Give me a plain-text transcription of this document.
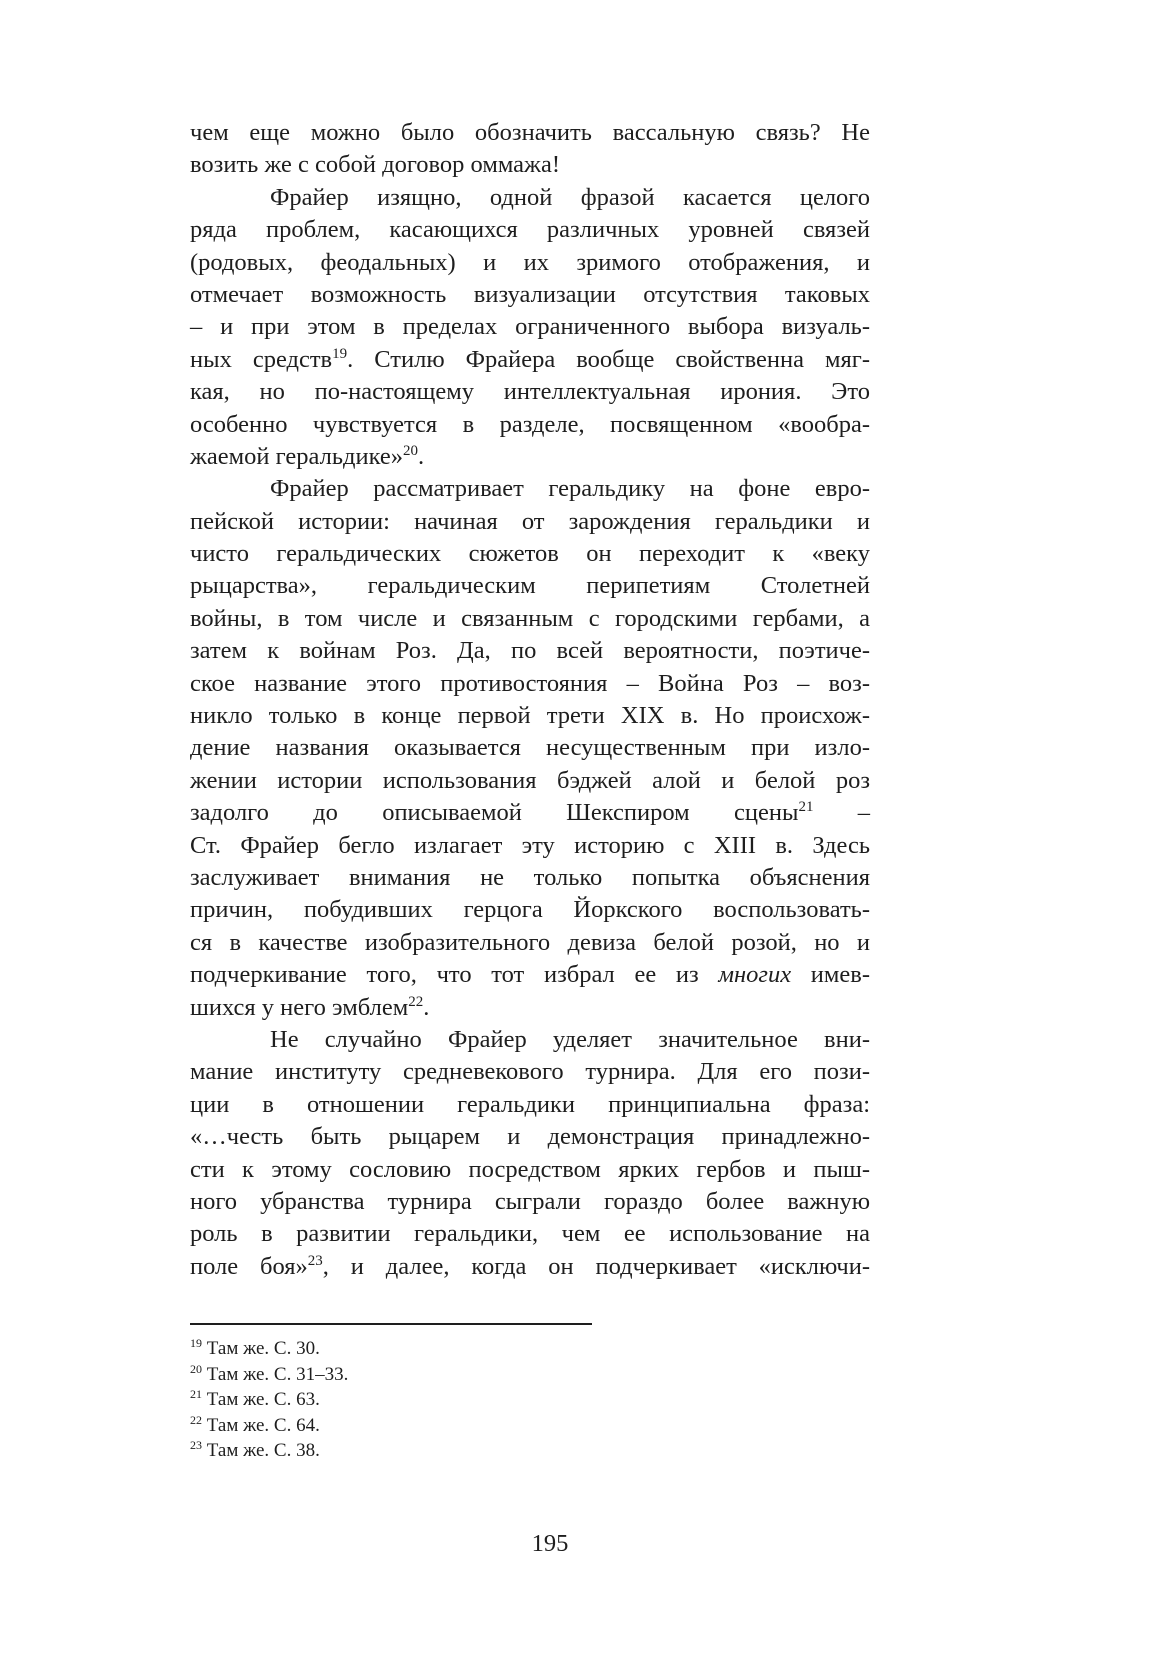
чем еще можно было обозначить вассальную связь? Не
возить же с собой договор оммажа!
Фрайер изящно, одной фразой касается целого
ряда проблем, касающихся различных уровней связей
(родовых, феодальных) и их зримого отображения, и
отмечает возможность визуализации отсутствия таковых
– и при этом в пределах ограниченного выбора визуаль-
ных средств$^{19}$. Стилю Фрайера вообще свойственна мяг-
кая, но по-настоящему интеллектуальная ирония. Это
особенно чувствуется в разделе, посвященном «вообра-
жаемой геральдике»$^{20}$.
Фрайер рассматривает геральдику на фоне евро-
пейской истории: начиная от зарождения геральдики и
чисто геральдических сюжетов он переходит к «веку
рыцарства», геральдическим перипетиям Столетней
войны, в том числе и связанным с городскими гербами, а
затем к войнам Роз. Да, по всей вероятности, поэтиче-
ское название этого противостояния – Война Роз – воз-
никло только в конце первой трети XIX в. Но происхож-
дение названия оказывается несущественным при изло-
жении истории использования бэджей алой и белой роз
задолго до описываемой Шекспиром сцены$^{21}$ –
Ст. Фрайер бегло излагает эту историю с XIII в. Здесь
заслуживает внимания не только попытка объяснения
причин, побудивших герцога Йоркского воспользовать-
ся в качестве изобразительного девиза белой розой, но и
подчеркивание того, что тот избрал ее из многих имев-
шихся у него эмблем$^{22}$.
Не случайно Фрайер уделяет значительное вни-
мание институту средневекового турнира. Для его пози-
ции в отношении геральдики принципиальна фраза:
«…честь быть рыцарем и демонстрация принадлежно-
сти к этому сословию посредством ярких гербов и пыш-
ного убранства турнира сыграли гораздо более важную
роль в развитии геральдики, чем ее использование на
поле боя»$^{23}$, и далее, когда он подчеркивает «исключи-
$^{19}$ Там же. С. 30.
$^{20}$ Там же. С. 31–33.
$^{21}$ Там же. С. 63.
$^{22}$ Там же. С. 64.
$^{23}$ Там же. С. 38.
195
